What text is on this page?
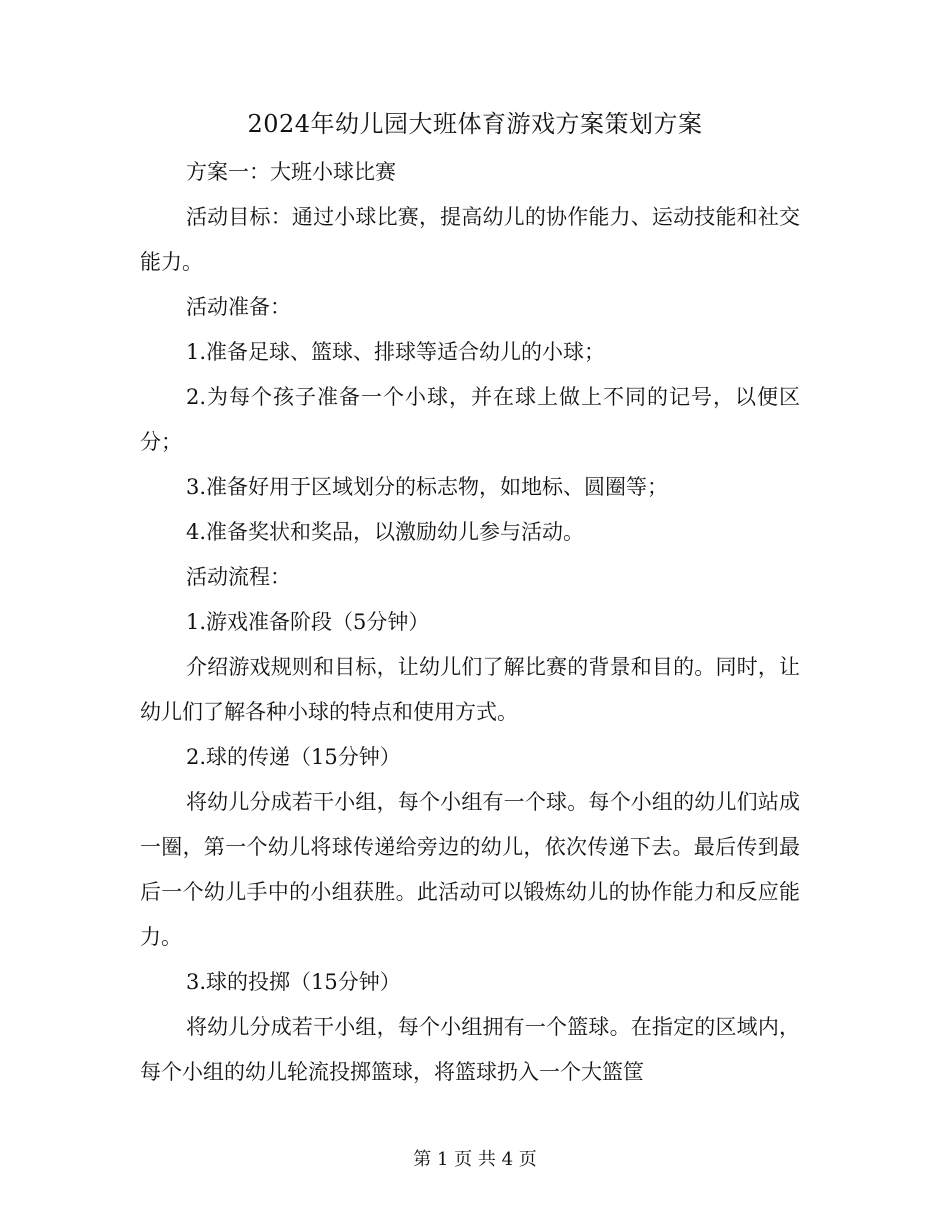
2024年幼儿园大班体育游戏方案策划方案

方案一：大班小球比赛

活动目标：通过小球比赛，提高幼儿的协作能力、运动技能和社交能力。

活动准备：

1.准备足球、篮球、排球等适合幼儿的小球；

2.为每个孩子准备一个小球，并在球上做上不同的记号，以便区分；

3.准备好用于区域划分的标志物，如地标、圆圈等；

4.准备奖状和奖品，以激励幼儿参与活动。

活动流程：

1.游戏准备阶段（5分钟）

介绍游戏规则和目标，让幼儿们了解比赛的背景和目的。同时，让幼儿们了解各种小球的特点和使用方式。

2.球的传递（15分钟）

将幼儿分成若干小组，每个小组有一个球。每个小组的幼儿们站成一圈，第一个幼儿将球传递给旁边的幼儿，依次传递下去。最后传到最后一个幼儿手中的小组获胜。此活动可以锻炼幼儿的协作能力和反应能力。

3.球的投掷（15分钟）

将幼儿分成若干小组，每个小组拥有一个篮球。在指定的区域内，每个小组的幼儿轮流投掷篮球，将篮球扔入一个大篮筐

第 1 页 共 4 页
